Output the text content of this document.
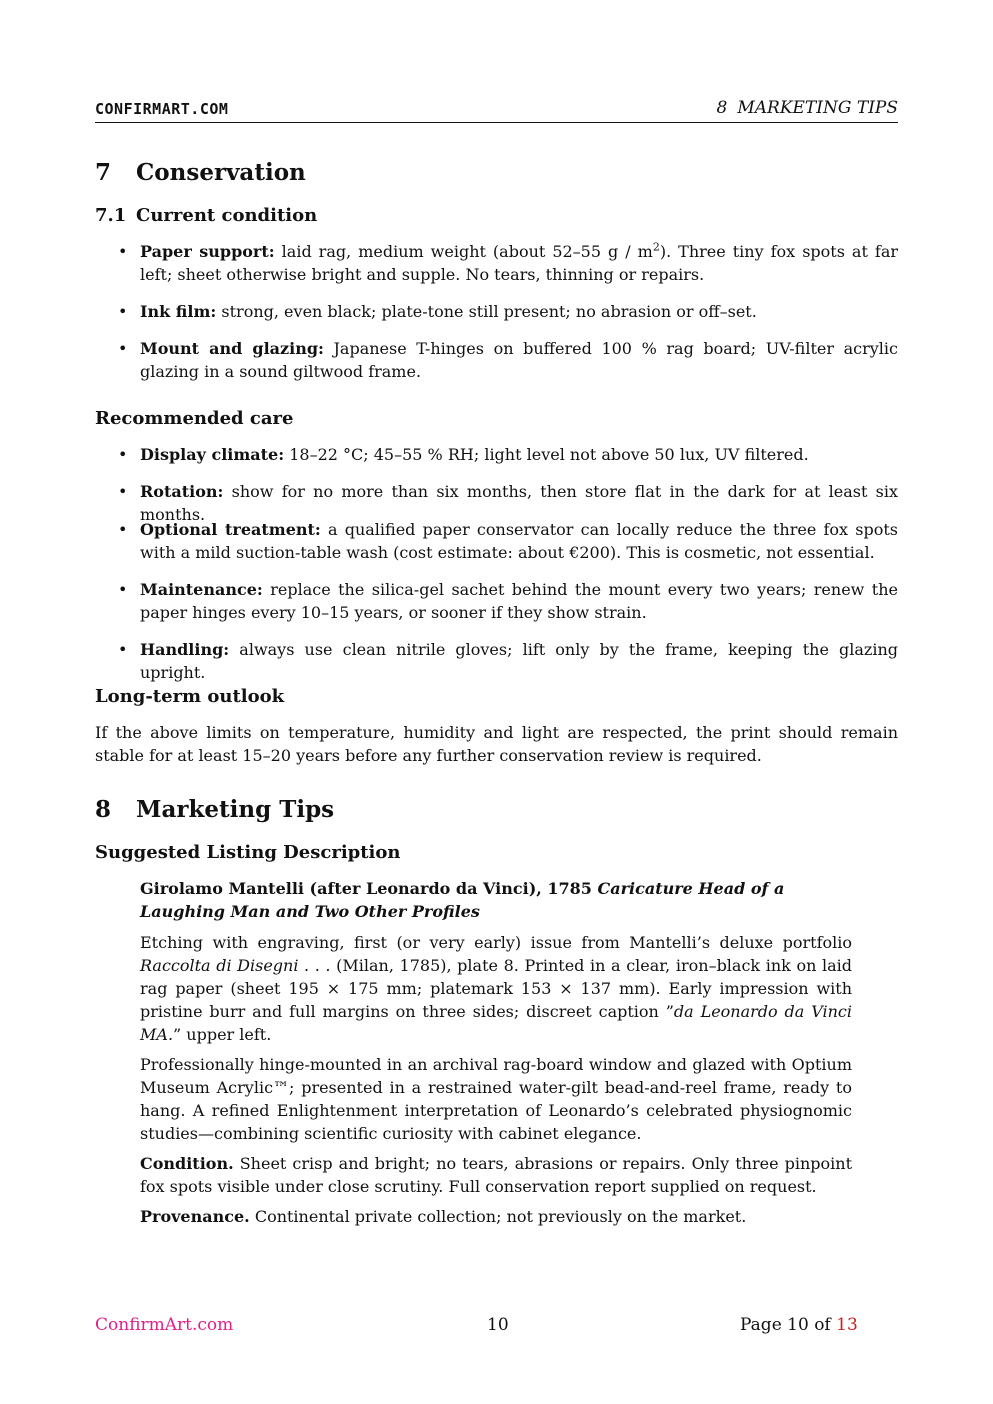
CONFIRMART.COM	8 MARKETING TIPS
7 Conservation
7.1 Current condition
• Paper support: laid rag, medium weight (about 52–55 g / $m^2$). Three tiny fox spots at far left; sheet otherwise bright and supple. No tears, thinning or repairs.
• Ink film: strong, even black; plate-tone still present; no abrasion or off–set.
• Mount and glazing: Japanese T-hinges on buffered 100 % rag board; UV-filter acrylic glazing in a sound giltwood frame.
Recommended care
• Display climate: 18–22 °C; 45–55 % RH; light level not above 50 lux, UV filtered.
• Rotation: show for no more than six months, then store flat in the dark for at least six months.
• Optional treatment: a qualified paper conservator can locally reduce the three fox spots with a mild suction-table wash (cost estimate: about €200). This is cosmetic, not essential.
• Maintenance: replace the silica-gel sachet behind the mount every two years; renew the paper hinges every 10–15 years, or sooner if they show strain.
• Handling: always use clean nitrile gloves; lift only by the frame, keeping the glazing upright.
Long-term outlook

If the above limits on temperature, humidity and light are respected, the print should remain stable for at least 15–20 years before any further conservation review is required.

8 Marketing Tips
Suggested Listing Description

Girolamo Mantelli (after Leonardo da Vinci), 1785 Caricature Head of a Laughing Man and Two Other Profiles

Etching with engraving, first (or very early) issue from Mantelli’s deluxe portfolio Raccolta di Disegni . . . (Milan, 1785), plate 8. Printed in a clear, iron–black ink on laid rag paper (sheet 195 × 175 mm; platemark 153 × 137 mm). Early impression with pristine burr and full margins on three sides; discreet caption ”da Leonardo da Vinci MA.” upper left.

Professionally hinge-mounted in an archival rag-board window and glazed with Optium Museum Acrylic™; presented in a restrained water-gilt bead-and-reel frame, ready to hang. A refined Enlightenment interpretation of Leonardo’s celebrated physiognomic studies—combining scientific curiosity with cabinet elegance.

Condition. Sheet crisp and bright; no tears, abrasions or repairs. Only three pinpoint fox spots visible under close scrutiny. Full conservation report supplied on request.

Provenance. Continental private collection; not previously on the market.

ConfirmArt.com	10	Page 10 of 13
